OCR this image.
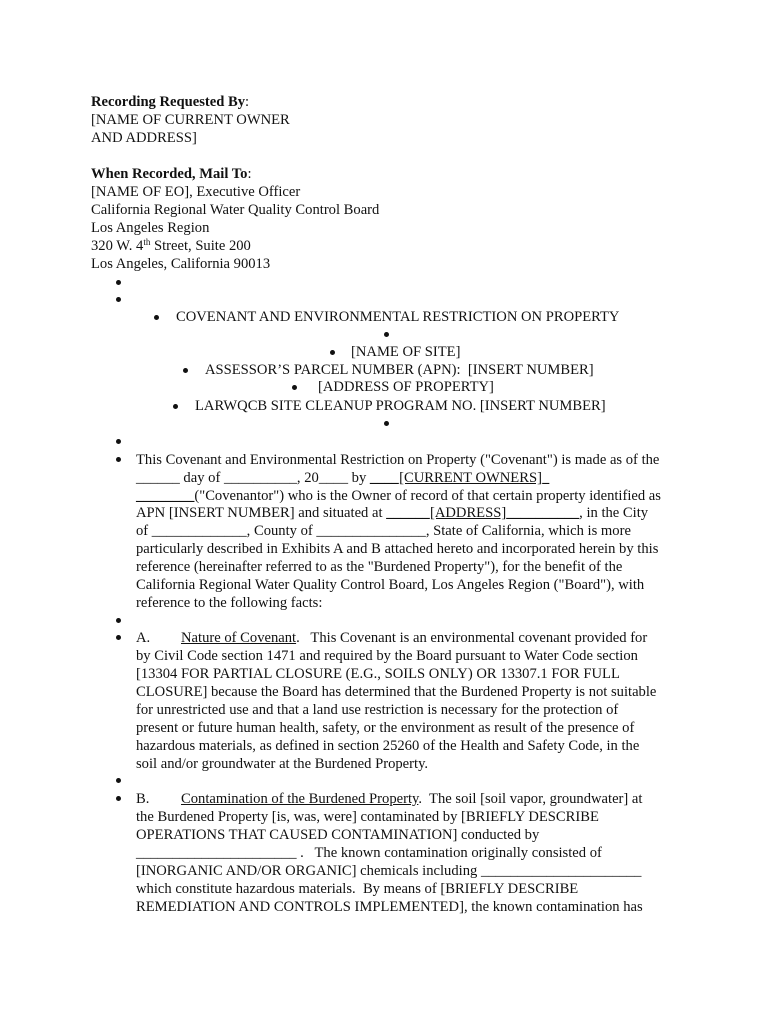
Recording Requested By:
[NAME OF CURRENT OWNER
AND ADDRESS]
When Recorded, Mail To:
[NAME OF EO], Executive Officer
California Regional Water Quality Control Board
Los Angeles Region
320 W. 4th Street, Suite 200
Los Angeles, California 90013
COVENANT AND ENVIRONMENTAL RESTRICTION ON PROPERTY
[NAME OF SITE]
ASSESSOR’S PARCEL NUMBER (APN):  [INSERT NUMBER]
[ADDRESS OF PROPERTY]
LARWQCB SITE CLEANUP PROGRAM NO. [INSERT NUMBER]
This Covenant and Environmental Restriction on Property ("Covenant") is made as of the
______ day of __________, 20____ by ____[CURRENT OWNERS]_
________("Covenantor") who is the Owner of record of that certain property identified as
APN [INSERT NUMBER] and situated at ______[ADDRESS]__________, in the City
of _____________, County of _______________, State of California, which is more
particularly described in Exhibits A and B attached hereto and incorporated herein by this
reference (hereinafter referred to as the "Burdened Property"), for the benefit of the
California Regional Water Quality Control Board, Los Angeles Region ("Board"), with
reference to the following facts:
A. Nature of Covenant.   This Covenant is an environmental covenant provided for
by Civil Code section 1471 and required by the Board pursuant to Water Code section
[13304 FOR PARTIAL CLOSURE (E.G., SOILS ONLY) OR 13307.1 FOR FULL
CLOSURE] because the Board has determined that the Burdened Property is not suitable
for unrestricted use and that a land use restriction is necessary for the protection of
present or future human health, safety, or the environment as result of the presence of
hazardous materials, as defined in section 25260 of the Health and Safety Code, in the
soil and/or groundwater at the Burdened Property.
B. Contamination of the Burdened Property.  The soil [soil vapor, groundwater] at
the Burdened Property [is, was, were] contaminated by [BRIEFLY DESCRIBE
OPERATIONS THAT CAUSED CONTAMINATION] conducted by
______________________ .   The known contamination originally consisted of
[INORGANIC AND/OR ORGANIC] chemicals including ______________________
which constitute hazardous materials.  By means of [BRIEFLY DESCRIBE
REMEDIATION AND CONTROLS IMPLEMENTED], the known contamination has
